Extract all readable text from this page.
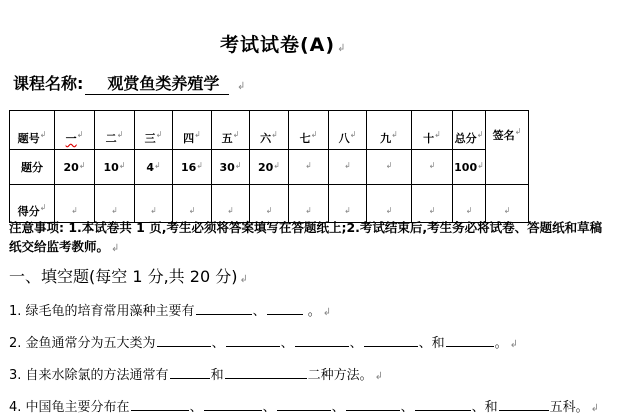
考试试卷(A) ↲
课程名称: 观赏鱼类养殖学 ↲
题号↲	一↲	二↲	三↲	四↲	五↲	六↲	七↲	八↲	九↲	十↲	总分↲	签名↲
题分	20↲	10↲	4↲	16↲	30↲	20↲	↲	↲	↲	↲	100↲
得分↲	↲	↲	↲	↲	↲	↲	↲	↲	↲	↲	↲	↲
注意事项: 1.本试卷共 1 页,考生必须将答案填写在答题纸上;2.考试结束后,考生务必将试卷、答题纸和草稿纸交给监考教师。 ↲
一、填空题(每空 1 分,共 20 分) ↲
1. 绿毛龟的培育常用藻种主要有	、	。 ↲
2. 金鱼通常分为五大类为	、	、	、	、和	。 ↲
3. 自来水除氯的方法通常有	和	二种方法。 ↲
4. 中国龟主要分布在	、	、	、	、	、和	五科。 ↲
